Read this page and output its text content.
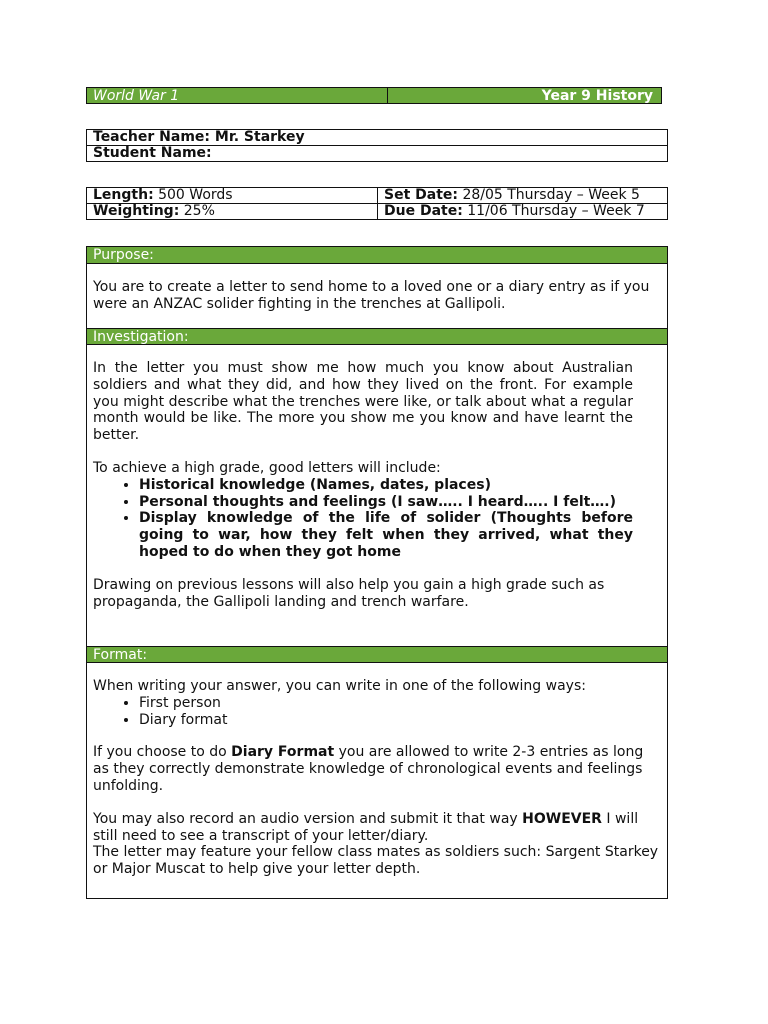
World War 1	Year 9 History
Teacher Name: Mr. Starkey
Student Name:
Length: 500 Words	Set Date: 28/05 Thursday – Week 5
Weighting: 25%	Due Date: 11/06 Thursday – Week 7
Purpose:

You are to create a letter to send home to a loved one or a diary entry as if you were an ANZAC solider fighting in the trenches at Gallipoli.

Investigation:

In the letter you must show me how much you know about Australian soldiers and what they did, and how they lived on the front. For example you might describe what the trenches were like, or talk about what a regular month would be like. The more you show me you know and have learnt the better.

To achieve a high grade, good letters will include:

• Historical knowledge (Names, dates, places)
• Personal thoughts and feelings (I saw….. I heard….. I felt….)
• Display knowledge of the life of solider (Thoughts before going to war, how they felt when they arrived, what they hoped to do when they got home

Drawing on previous lessons will also help you gain a high grade such as propaganda, the Gallipoli landing and trench warfare.

Format:

When writing your answer, you can write in one of the following ways:

• First person
• Diary format

If you choose to do Diary Format you are allowed to write 2-3 entries as long as they correctly demonstrate knowledge of chronological events and feelings unfolding.

You may also record an audio version and submit it that way HOWEVER I will still need to see a transcript of your letter/diary.

The letter may feature your fellow class mates as soldiers such: Sargent Starkey or Major Muscat to help give your letter depth.
